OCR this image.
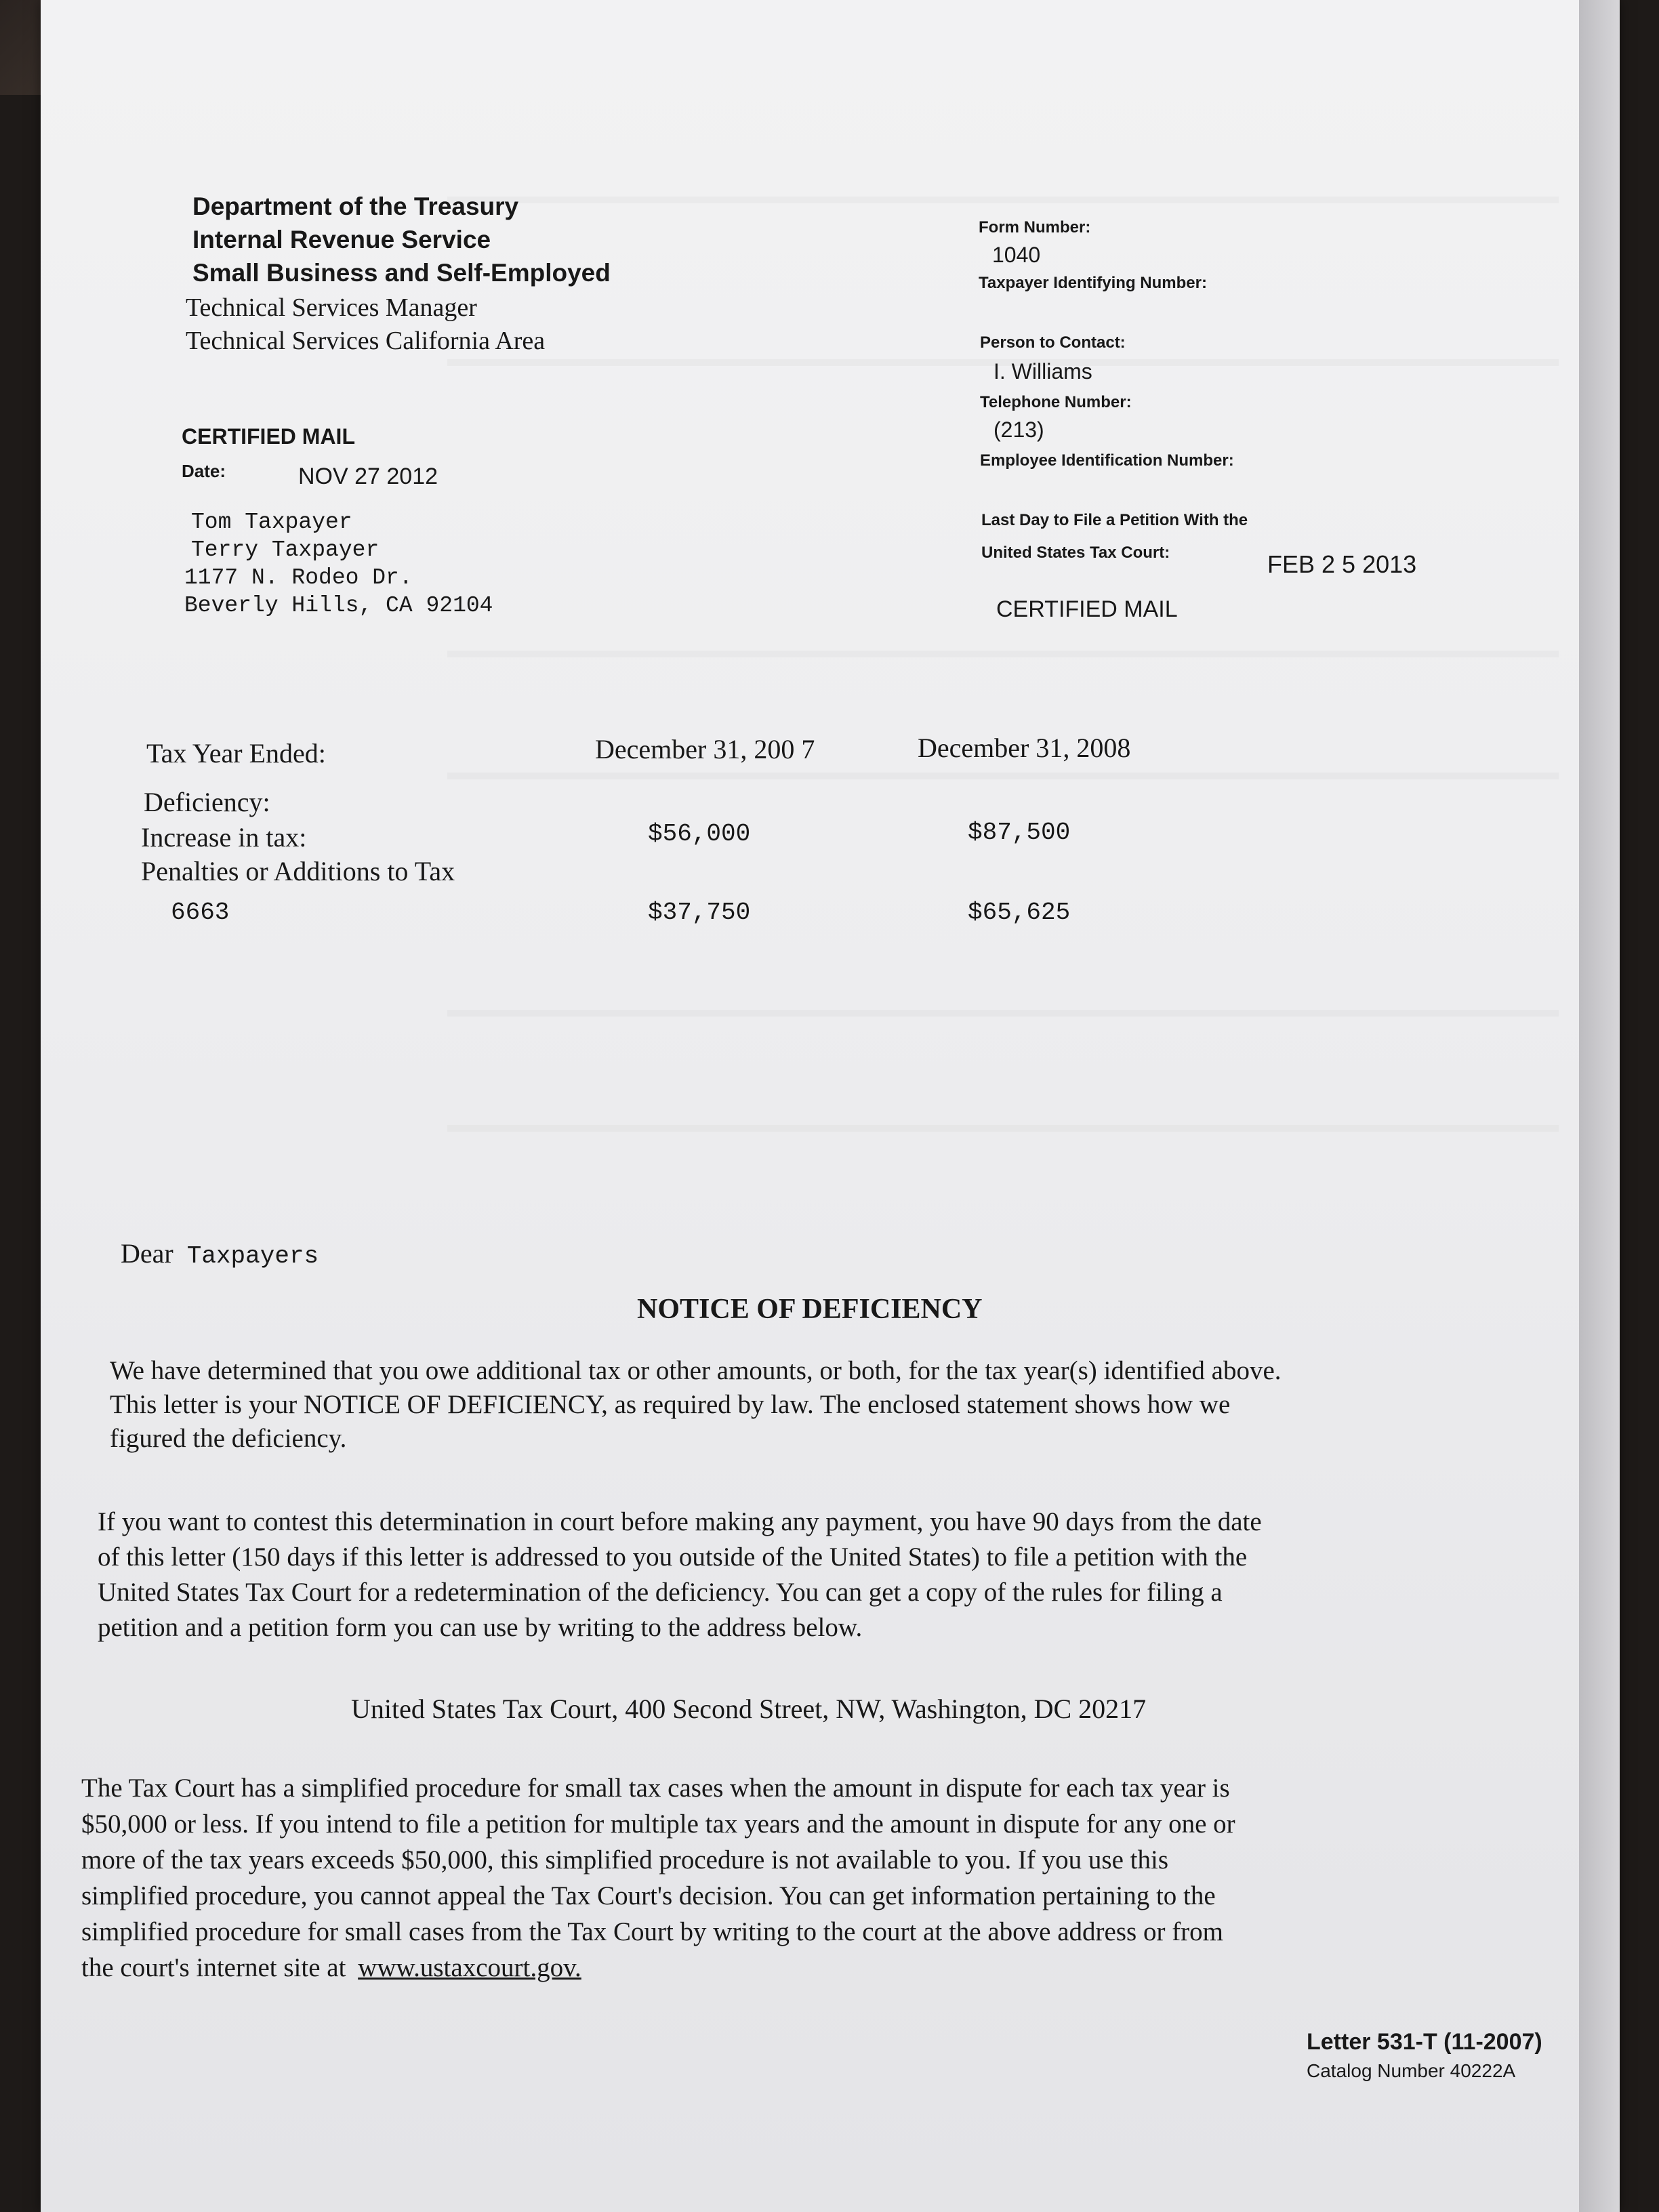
Department of the Treasury
Internal Revenue Service
Small Business and Self-Employed
Technical Services Manager
Technical Services California Area
Form Number:
1040
Taxpayer Identifying Number:
Person to Contact:
I. Williams
Telephone Number:
(213)
Employee Identification Number:
Last Day to File a Petition With the
United States Tax Court:	FEB 2 5 2013
CERTIFIED MAIL
CERTIFIED MAIL
Date:	NOV 27 2012
Tom Taxpayer
Terry Taxpayer
1177 N. Rodeo Dr.
Beverly Hills, CA 92104
Tax Year Ended:	December 31, 200 7	December 31, 2008
Deficiency:
Increase in tax:	$56,000	$87,500
Penalties or Additions to Tax
6663	$37,750	$65,625
Dear Taxpayers
NOTICE OF DEFICIENCY
We have determined that you owe additional tax or other amounts, or both, for the tax year(s) identified above.
This letter is your NOTICE OF DEFICIENCY, as required by law. The enclosed statement shows how we
figured the deficiency.
If you want to contest this determination in court before making any payment, you have 90 days from the date
of this letter (150 days if this letter is addressed to you outside of the United States) to file a petition with the
United States Tax Court for a redetermination of the deficiency. You can get a copy of the rules for filing a
petition and a petition form you can use by writing to the address below.
United States Tax Court, 400 Second Street, NW, Washington, DC 20217
The Tax Court has a simplified procedure for small tax cases when the amount in dispute for each tax year is
$50,000 or less. If you intend to file a petition for multiple tax years and the amount in dispute for any one or
more of the tax years exceeds $50,000, this simplified procedure is not available to you. If you use this
simplified procedure, you cannot appeal the Tax Court's decision. You can get information pertaining to the
simplified procedure for small cases from the Tax Court by writing to the court at the above address or from
the court's internet site at www.ustaxcourt.gov.
Letter 531-T (11-2007)
Catalog Number 40222A
